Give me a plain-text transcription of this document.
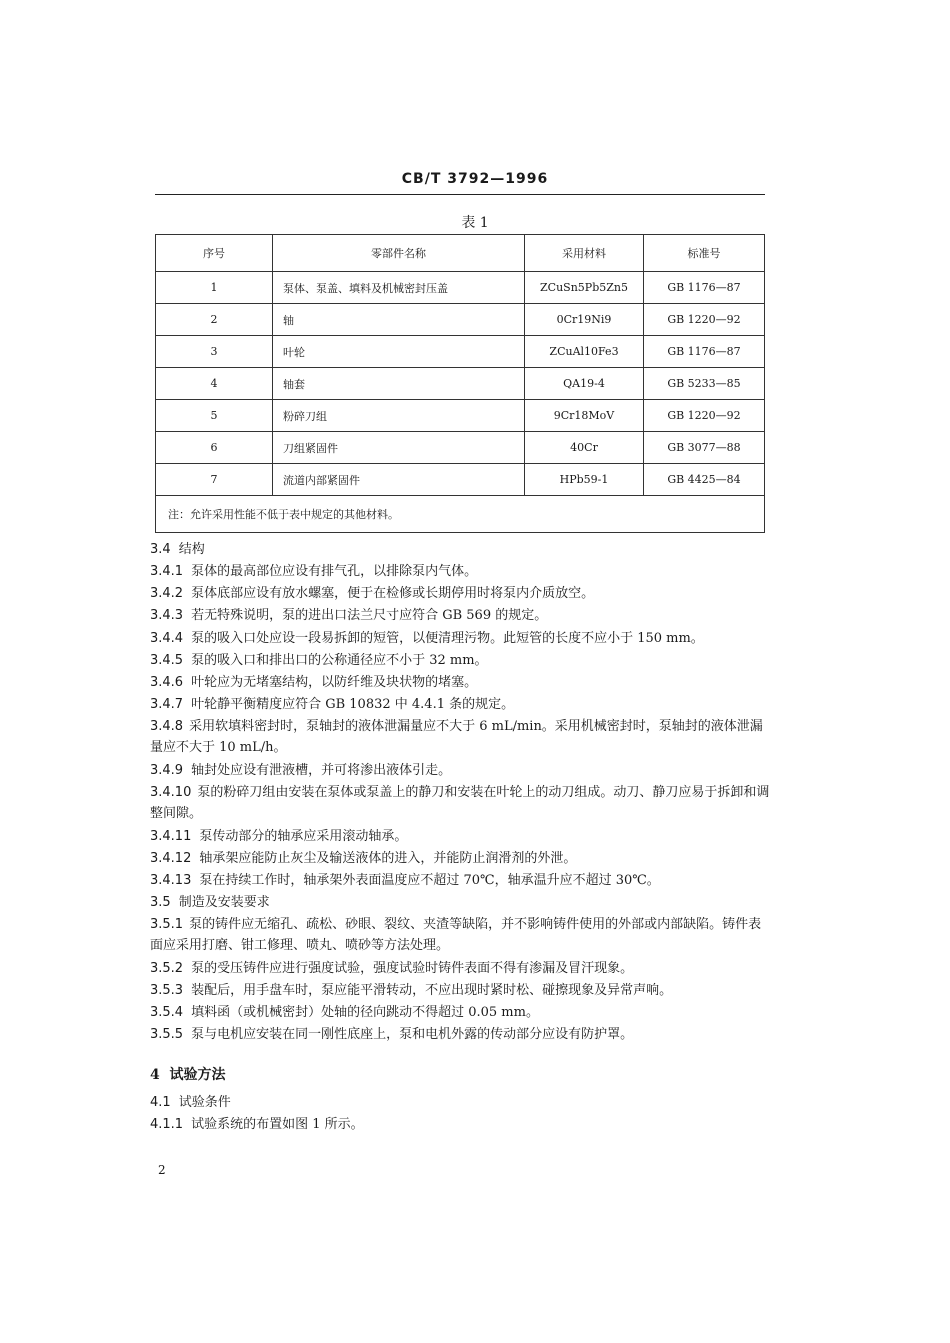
CB/T 3792—1996
表 1
序号	零部件名称	采用材料	标准号
1	泵体、泵盖、填料及机械密封压盖	ZCuSn5Pb5Zn5	GB 1176—87
2	轴	0Cr19Ni9	GB 1220—92
3	叶轮	ZCuAl10Fe3	GB 1176—87
4	轴套	QA19-4	GB 5233—85
5	粉碎刀组	9Cr18MoV	GB 1220—92
6	刀组紧固件	40Cr	GB 3077—88
7	流道内部紧固件	HPb59-1	GB 4425—84
注：允许采用性能不低于表中规定的其他材料。			
3.4 结构
3.4.1 泵体的最高部位应设有排气孔，以排除泵内气体。
3.4.2 泵体底部应设有放水螺塞，便于在检修或长期停用时将泵内介质放空。
3.4.3 若无特殊说明，泵的进出口法兰尺寸应符合 GB 569 的规定。
3.4.4 泵的吸入口处应设一段易拆卸的短管，以便清理污物。此短管的长度不应小于 150 mm。
3.4.5 泵的吸入口和排出口的公称通径应不小于 32 mm。
3.4.6 叶轮应为无堵塞结构，以防纤维及块状物的堵塞。
3.4.7 叶轮静平衡精度应符合 GB 10832 中 4.4.1 条的规定。
3.4.8 采用软填料密封时，泵轴封的液体泄漏量应不大于 6 mL/min。采用机械密封时，泵轴封的液体泄漏量应不大于 10 mL/h。
3.4.9 轴封处应设有泄液槽，并可将渗出液体引走。
3.4.10 泵的粉碎刀组由安装在泵体或泵盖上的静刀和安装在叶轮上的动刀组成。动刀、静刀应易于拆卸和调整间隙。
3.4.11 泵传动部分的轴承应采用滚动轴承。
3.4.12 轴承架应能防止灰尘及输送液体的进入，并能防止润滑剂的外泄。
3.4.13 泵在持续工作时，轴承架外表面温度应不超过 70℃，轴承温升应不超过 30℃。
3.5 制造及安装要求
3.5.1 泵的铸件应无缩孔、疏松、砂眼、裂纹、夹渣等缺陷，并不影响铸件使用的外部或内部缺陷。铸件表面应采用打磨、钳工修理、喷丸、喷砂等方法处理。
3.5.2 泵的受压铸件应进行强度试验，强度试验时铸件表面不得有渗漏及冒汗现象。
3.5.3 装配后，用手盘车时，泵应能平滑转动，不应出现时紧时松、碰擦现象及异常声响。
3.5.4 填料函（或机械密封）处轴的径向跳动不得超过 0.05 mm。
3.5.5 泵与电机应安装在同一刚性底座上，泵和电机外露的传动部分应设有防护罩。
4 试验方法
4.1 试验条件
4.1.1 试验系统的布置如图 1 所示。
2
